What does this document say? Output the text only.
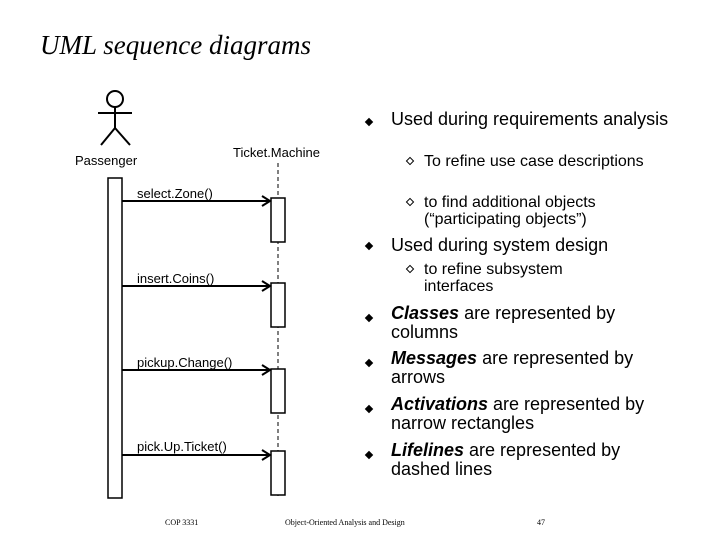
UML sequence diagrams
Passenger
Ticket.Machine
select.Zone()
insert.Coins()
pickup.Change()
pick.Up.Ticket()
Used during requirements analysis
To refine use case descriptions
to find additional objects (“participating objects”)
Used during system design
to refine subsystem interfaces
Classes are represented by columns
Messages are represented by arrows
Activations are represented by narrow rectangles
Lifelines are represented by dashed lines
COP 3331	Object-Oriented Analysis and Design	47
